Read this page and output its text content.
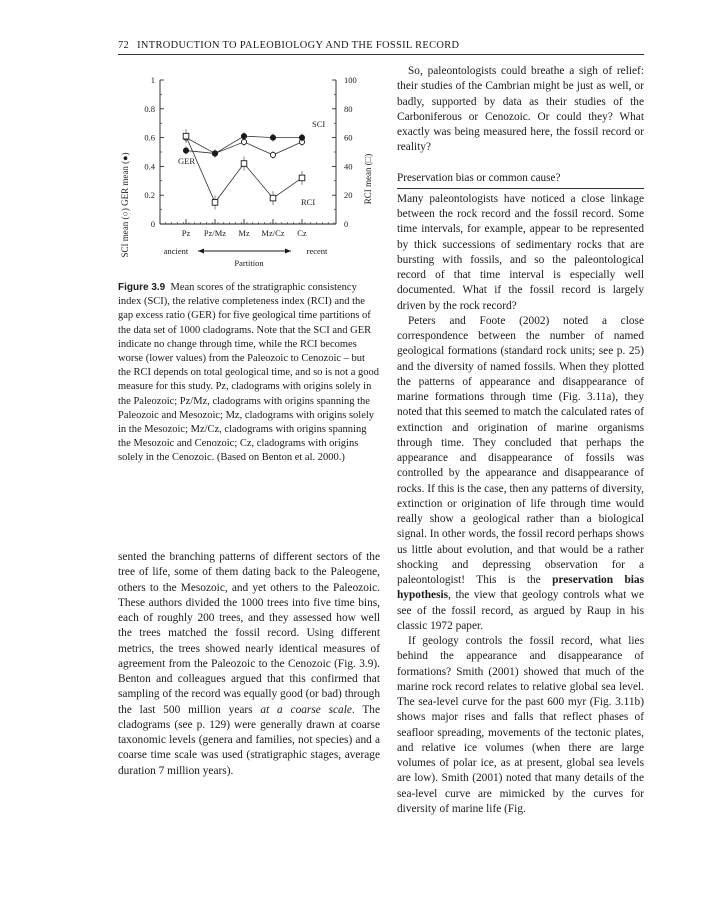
72 INTRODUCTION TO PALEOBIOLOGY AND THE FOSSIL RECORD
0
0.2
0.4
0.6
0.8
1
0
20
40
60
80
100
Pz Pz/Mz Mz Mz/Cz Cz
SCI mean (○) GER mean (●)	RCI mean (□)
SCI
GER
RCI
ancient	recent
Partition
Figure 3.9 Mean scores of the stratigraphic consistency index (SCI), the relative completeness index (RCI) and the gap excess ratio (GER) for five geological time partitions of the data set of 1000 cladograms. Note that the SCI and GER indicate no change through time, while the RCI becomes worse (lower values) from the Paleozoic to Cenozoic – but the RCI depends on total geological time, and so is not a good measure for this study. Pz, cladograms with origins solely in the Paleozoic; Pz/Mz, cladograms with origins spanning the Paleozoic and Mesozoic; Mz, cladograms with origins solely in the Mesozoic; Mz/Cz, cladograms with origins spanning the Mesozoic and Cenozoic; Cz, cladograms with origins solely in the Cenozoic. (Based on Benton et al. 2000.)

sented the branching patterns of different sectors of the tree of life, some of them dating back to the Paleogene, others to the Mesozoic, and yet others to the Paleozoic. These authors divided the 1000 trees into five time bins, each of roughly 200 trees, and they assessed how well the trees matched the fossil record. Using different metrics, the trees showed nearly identical measures of agreement from the Paleozoic to the Cenozoic (Fig. 3.9). Benton and colleagues argued that this confirmed that sampling of the record was equally good (or bad) through the last 500 million years at a coarse scale. The cladograms (see p. 129) were generally drawn at coarse taxonomic levels (genera and families, not species) and a coarse time scale was used (stratigraphic stages, average duration 7 million years).

So, paleontologists could breathe a sigh of relief: their studies of the Cambrian might be just as well, or badly, supported by data as their studies of the Carboniferous or Cenozoic. Or could they? What exactly was being measured here, the fossil record or reality?

Preservation bias or common cause?

Many paleontologists have noticed a close linkage between the rock record and the fossil record. Some time intervals, for example, appear to be represented by thick successions of sedimentary rocks that are bursting with fossils, and so the paleontological record of that time interval is especially well documented. What if the fossil record is largely driven by the rock record?

Peters and Foote (2002) noted a close correspondence between the number of named geological formations (standard rock units; see p. 25) and the diversity of named fossils. When they plotted the patterns of appearance and disappearance of marine formations through time (Fig. 3.11a), they noted that this seemed to match the calculated rates of extinction and origination of marine organisms through time. They concluded that perhaps the appearance and disappearance of fossils was controlled by the appearance and disappearance of rocks. If this is the case, then any patterns of diversity, extinction or origination of life through time would really show a geological rather than a biological signal. In other words, the fossil record perhaps shows us little about evolution, and that would be a rather shocking and depressing observation for a paleontologist! This is the preservation bias hypothesis, the view that geology controls what we see of the fossil record, as argued by Raup in his classic 1972 paper.

If geology controls the fossil record, what lies behind the appearance and disappearance of formations? Smith (2001) showed that much of the marine rock record relates to relative global sea level. The sea-level curve for the past 600 myr (Fig. 3.11b) shows major rises and falls that reflect phases of seafloor spreading, movements of the tectonic plates, and relative ice volumes (when there are large volumes of polar ice, as at present, global sea levels are low). Smith (2001) noted that many details of the sea-level curve are mimicked by the curves for diversity of marine life (Fig.
